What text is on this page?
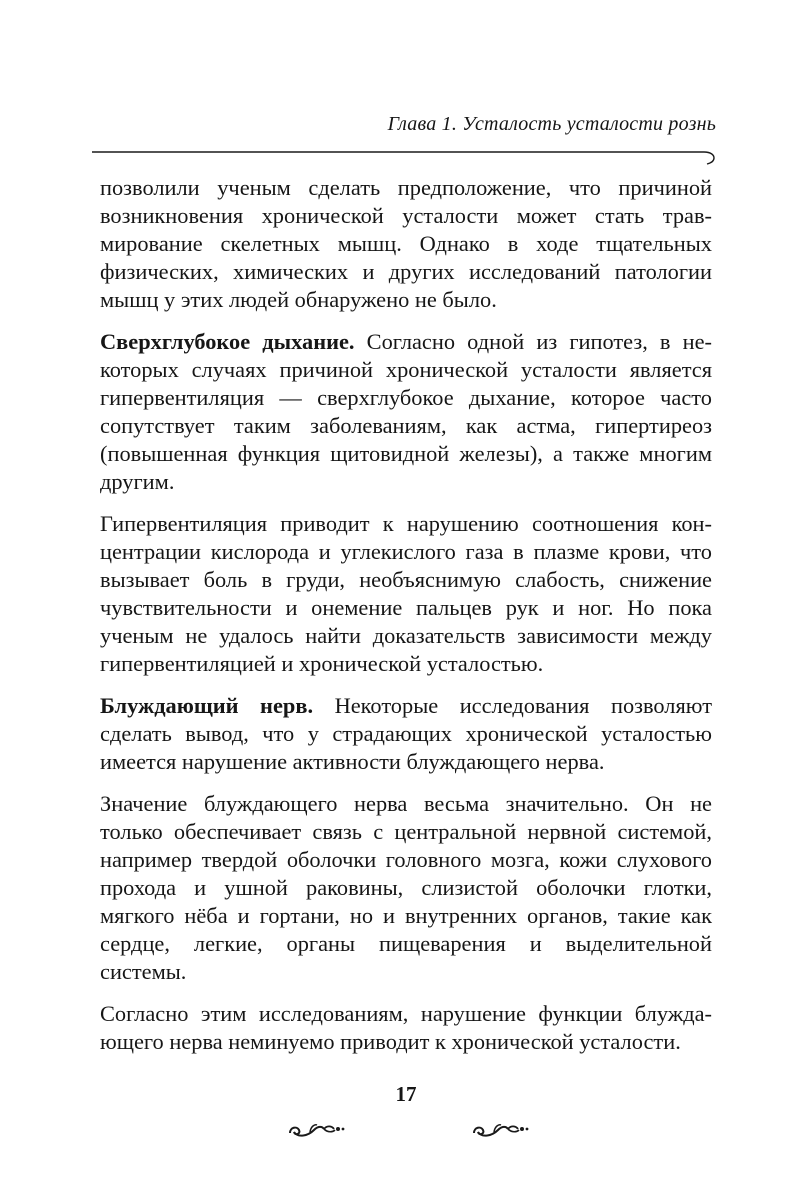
Глава 1. Усталость усталости рознь

позволили ученым сделать предположение, что причиной возникновения хронической усталости может стать травмирование скелетных мышц. Однако в ходе тщательных физических, химических и других исследований патологии мышц у этих людей обнаружено не было.

Сверхглубокое дыхание. Согласно одной из гипотез, в некоторых случаях причиной хронической усталости является гипервентиляция — сверхглубокое дыхание, которое часто сопутствует таким заболеваниям, как астма, гипертиреоз (повышенная функция щитовидной железы), а также многим другим.

Гипервентиляция приводит к нарушению соотношения концентрации кислорода и углекислого газа в плазме крови, что вызывает боль в груди, необъяснимую слабость, снижение чувствительности и онемение пальцев рук и ног. Но пока ученым не удалось найти доказательств зависимости между гипервентиляцией и хронической усталостью.

Блуждающий нерв. Некоторые исследования позволяют сделать вывод, что у страдающих хронической усталостью имеется нарушение активности блуждающего нерва.

Значение блуждающего нерва весьма значительно. Он не только обеспечивает связь с центральной нервной системой, например твердой оболочки головного мозга, кожи слухового прохода и ушной раковины, слизистой оболочки глотки, мягкого нёба и гортани, но и внутренних органов, такие как сердце, легкие, органы пищеварения и выделительной системы.

Согласно этим исследованиям, нарушение функции блуждающего нерва неминуемо приводит к хронической усталости.

17
